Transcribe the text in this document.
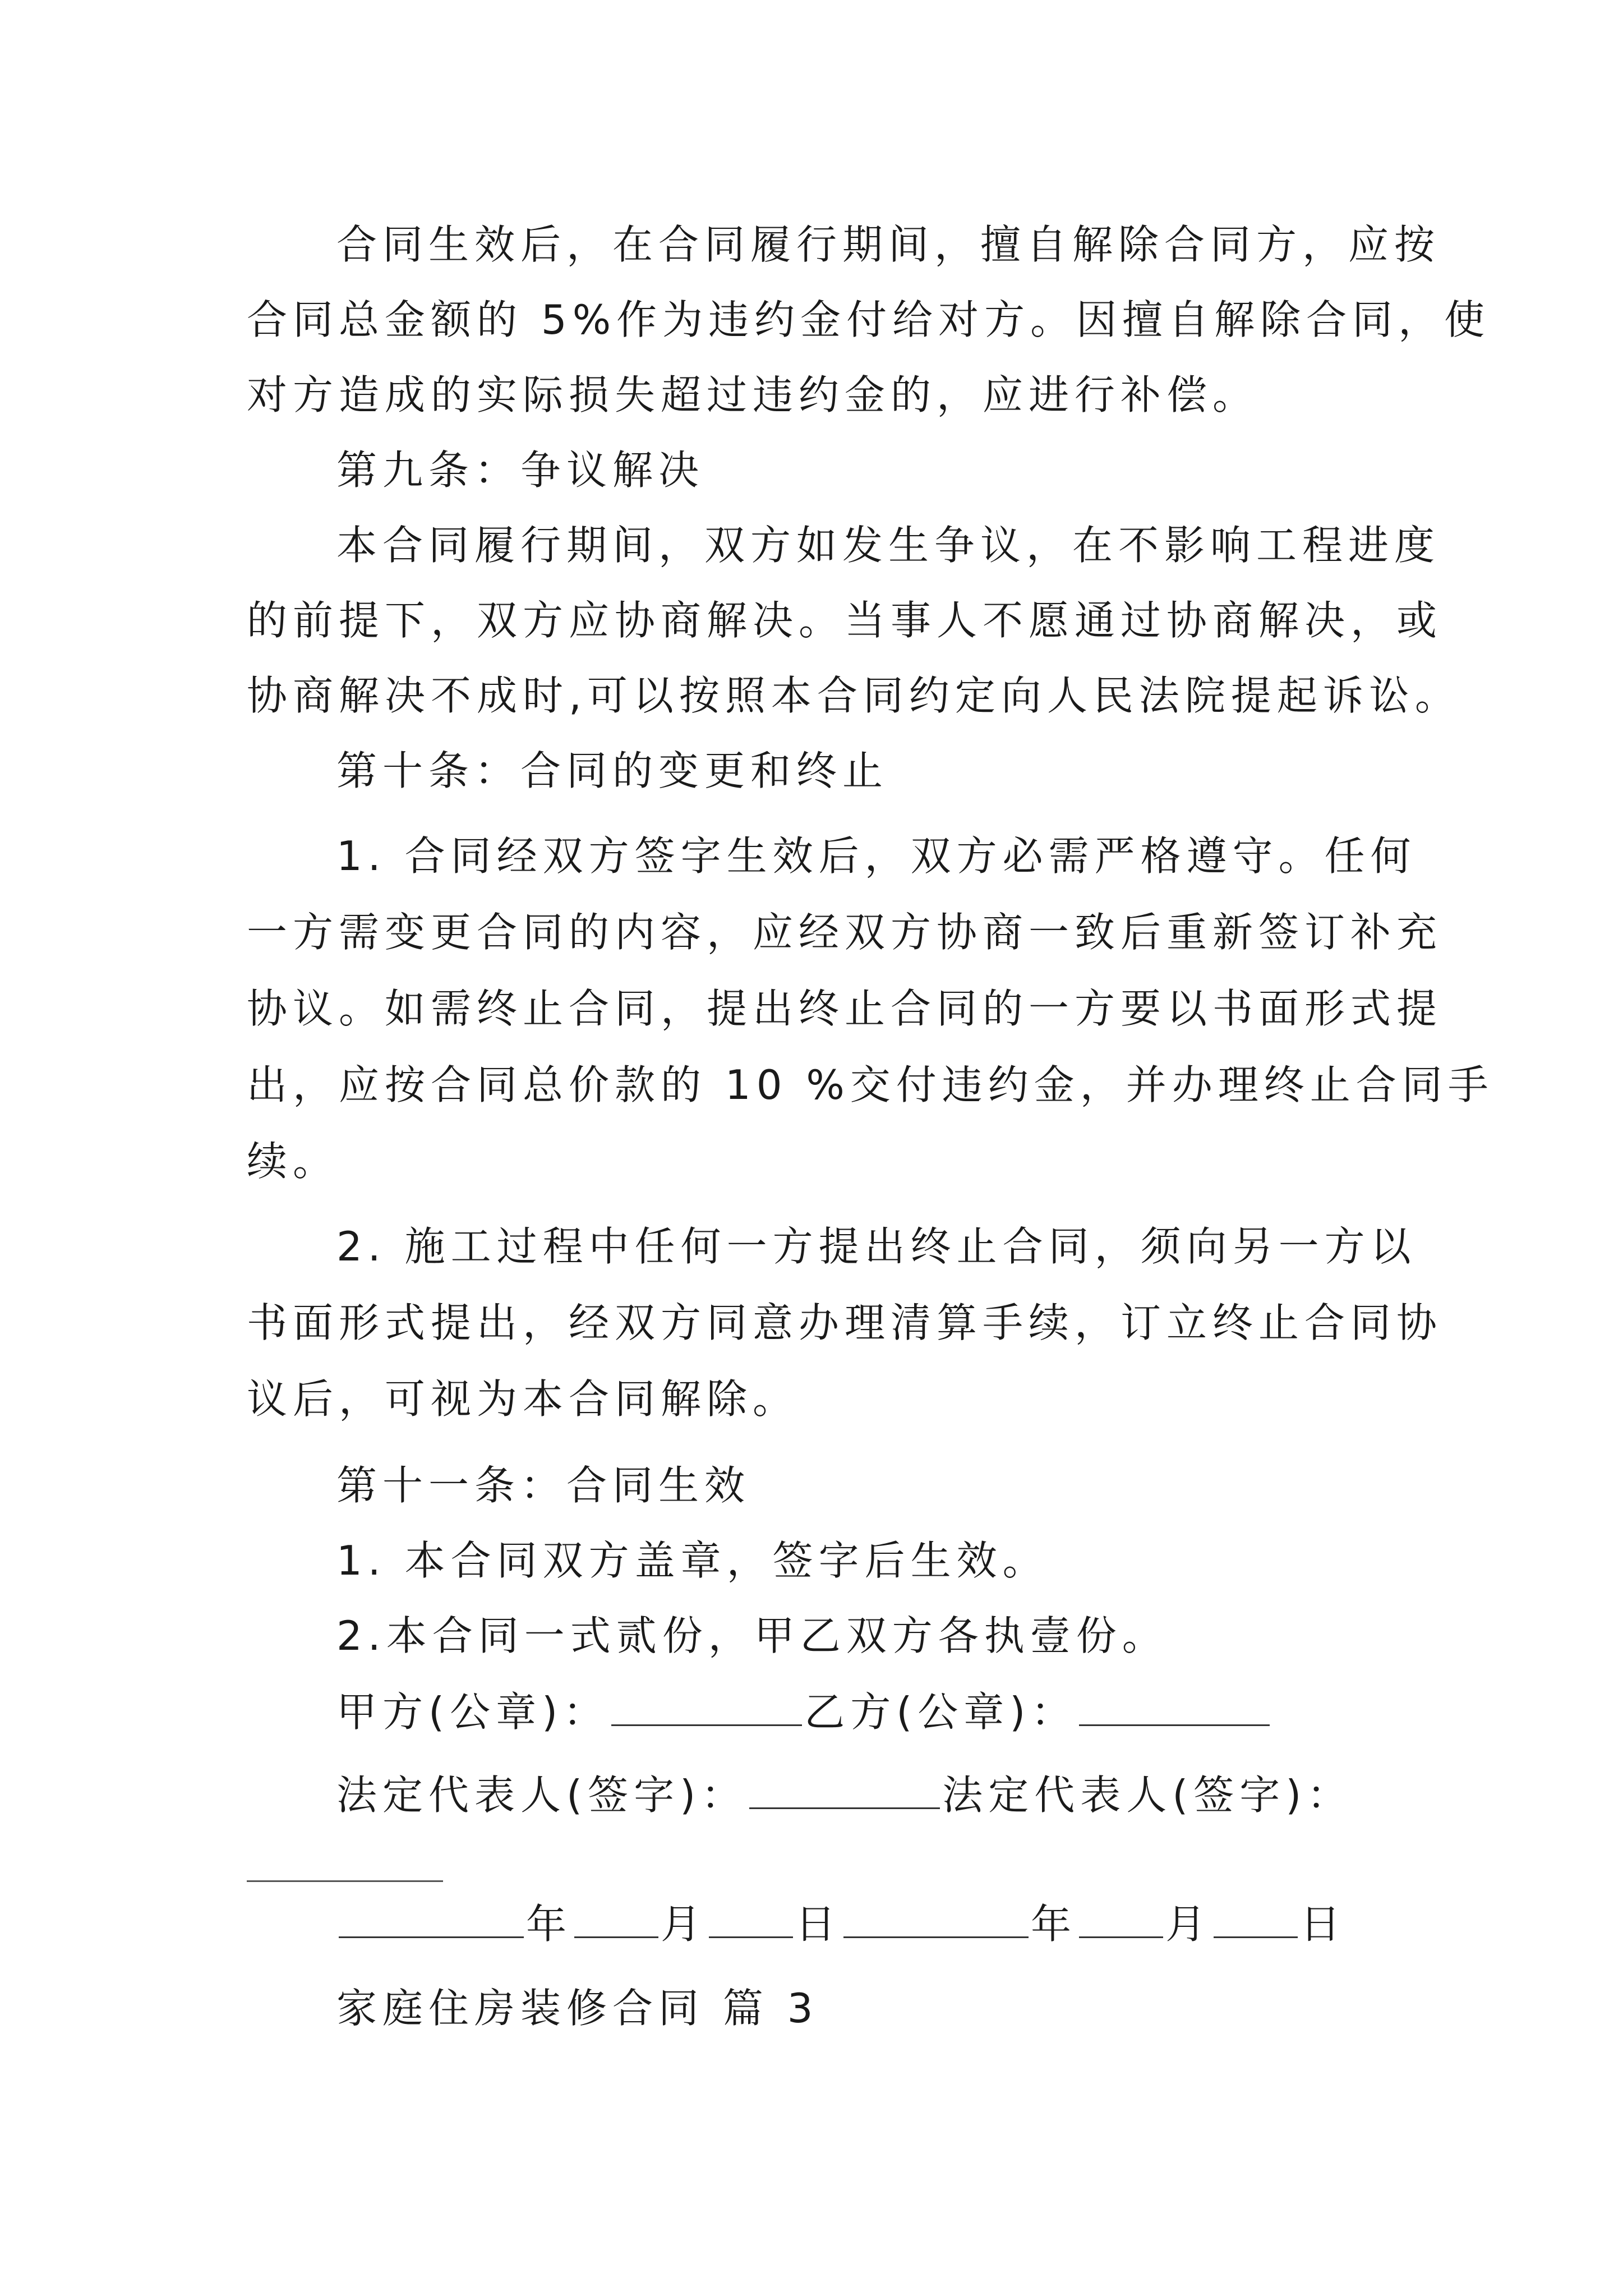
合同生效后，在合同履行期间，擅自解除合同方，应按
合同总金额的 5%作为违约金付给对方。因擅自解除合同，使
对方造成的实际损失超过违约金的，应进行补偿。
第九条：争议解决
本合同履行期间，双方如发生争议，在不影响工程进度
的前提下，双方应协商解决。当事人不愿通过协商解决，或
协商解决不成时,可以按照本合同约定向人民法院提起诉讼。
第十条：合同的变更和终止
1. 合同经双方签字生效后，双方必需严格遵守。任何
一方需变更合同的内容，应经双方协商一致后重新签订补充
协议。如需终止合同，提出终止合同的一方要以书面形式提
出，应按合同总价款的 10 %交付违约金，并办理终止合同手
续。
2. 施工过程中任何一方提出终止合同，须向另一方以
书面形式提出，经双方同意办理清算手续，订立终止合同协
议后，可视为本合同解除。
第十一条：合同生效
1. 本合同双方盖章，签字后生效。
2.本合同一式贰份，甲乙双方各执壹份。
甲方(公章)：	乙方(公章)：
法定代表人(签字)：	法定代表人(签字)：
年 月 日	年 月 日
家庭住房装修合同 篇 3
